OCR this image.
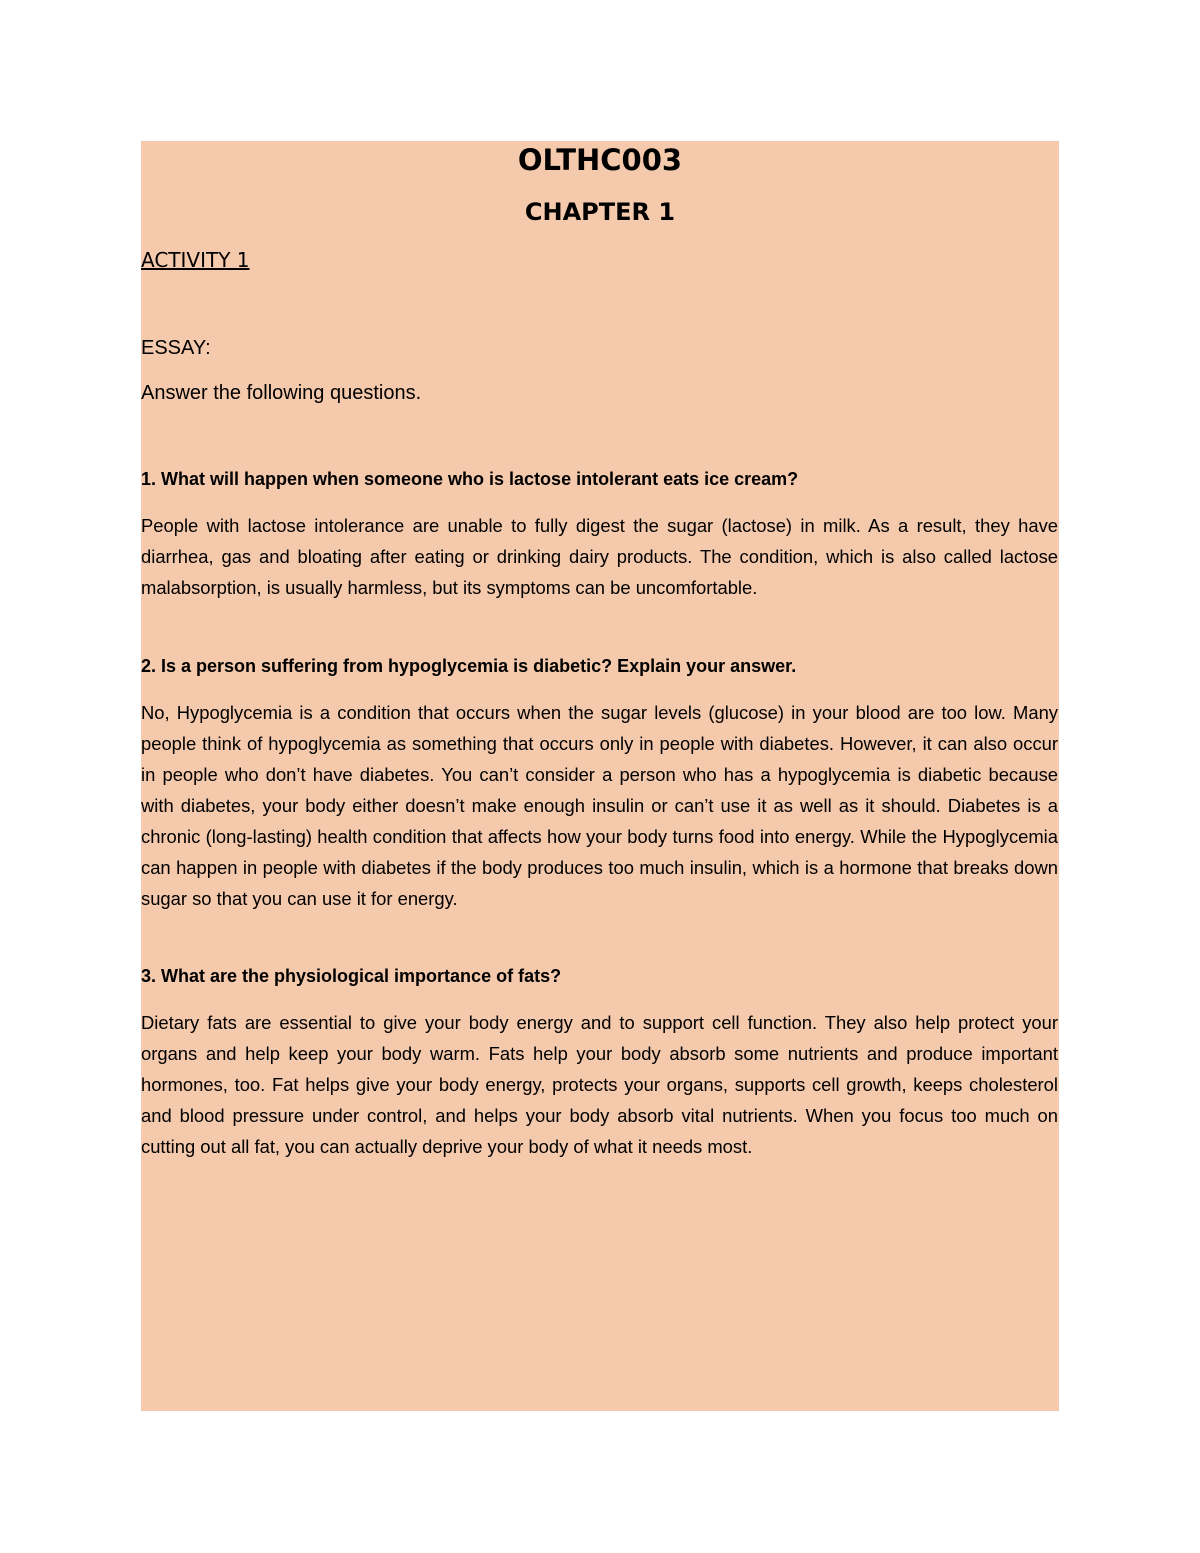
OLTHC003
CHAPTER 1
ACTIVITY 1
ESSAY:
Answer the following questions.

1. What will happen when someone who is lactose intolerant eats ice cream?

People with lactose intolerance are unable to fully digest the sugar (lactose) in milk. As a result, they have diarrhea, gas and bloating after eating or drinking dairy products. The condition, which is also called lactose malabsorption, is usually harmless, but its symptoms can be uncomfortable.

2. Is a person suffering from hypoglycemia is diabetic? Explain your answer.

No, Hypoglycemia is a condition that occurs when the sugar levels (glucose) in your blood are too low. Many people think of hypoglycemia as something that occurs only in people with diabetes. However, it can also occur in people who don’t have diabetes. You can’t consider a person who has a hypoglycemia is diabetic because with diabetes, your body either doesn’t make enough insulin or can’t use it as well as it should. Diabetes is a chronic (long-lasting) health condition that affects how your body turns food into energy. While the Hypoglycemia can happen in people with diabetes if the body produces too much insulin, which is a hormone that breaks down sugar so that you can use it for energy.

3. What are the physiological importance of fats?

Dietary fats are essential to give your body energy and to support cell function. They also help protect your organs and help keep your body warm. Fats help your body absorb some nutrients and produce important hormones, too. Fat helps give your body energy, protects your organs, supports cell growth, keeps cholesterol and blood pressure under control, and helps your body absorb vital nutrients. When you focus too much on cutting out all fat, you can actually deprive your body of what it needs most.
